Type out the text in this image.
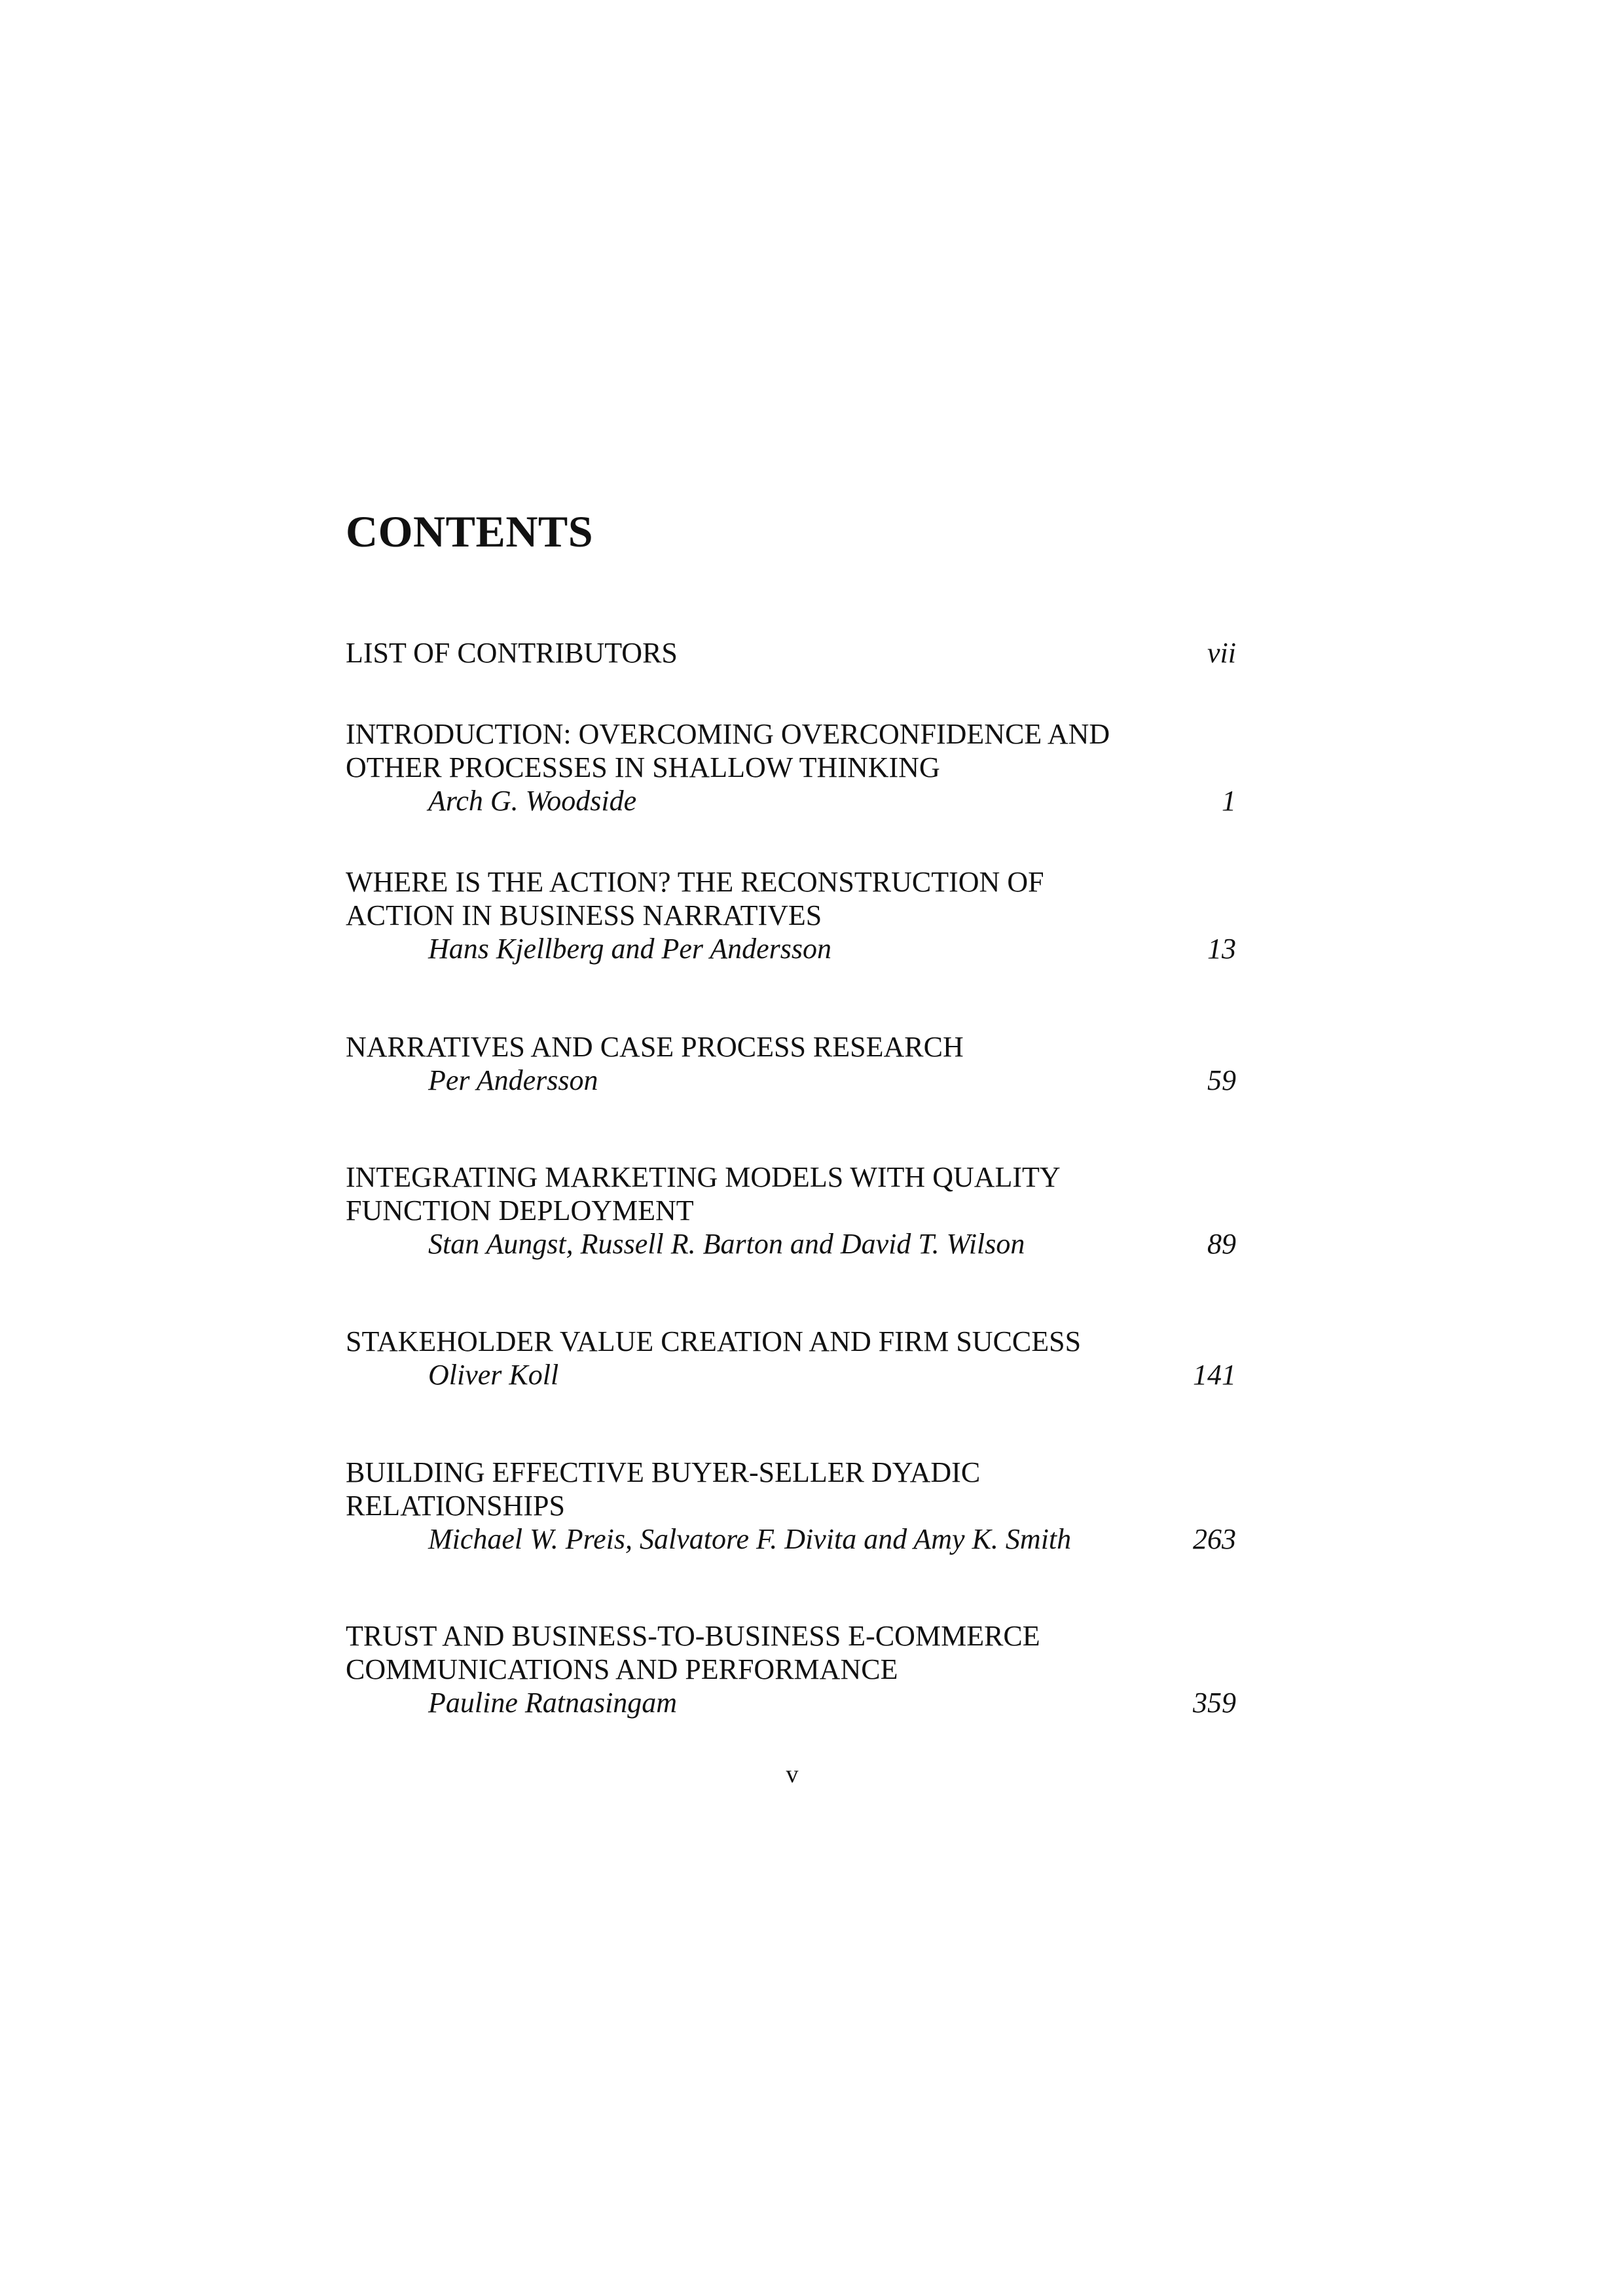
CONTENTS
LIST OF CONTRIBUTORS	vii
INTRODUCTION: OVERCOMING OVERCONFIDENCE AND
OTHER PROCESSES IN SHALLOW THINKING
Arch G. Woodside	1
WHERE IS THE ACTION? THE RECONSTRUCTION OF
ACTION IN BUSINESS NARRATIVES
Hans Kjellberg and Per Andersson	13
NARRATIVES AND CASE PROCESS RESEARCH
Per Andersson	59
INTEGRATING MARKETING MODELS WITH QUALITY
FUNCTION DEPLOYMENT
Stan Aungst, Russell R. Barton and David T. Wilson	89
STAKEHOLDER VALUE CREATION AND FIRM SUCCESS
Oliver Koll	141
BUILDING EFFECTIVE BUYER-SELLER DYADIC
RELATIONSHIPS
Michael W. Preis, Salvatore F. Divita and Amy K. Smith	263
TRUST AND BUSINESS-TO-BUSINESS E-COMMERCE
COMMUNICATIONS AND PERFORMANCE
Pauline Ratnasingam	359
v
